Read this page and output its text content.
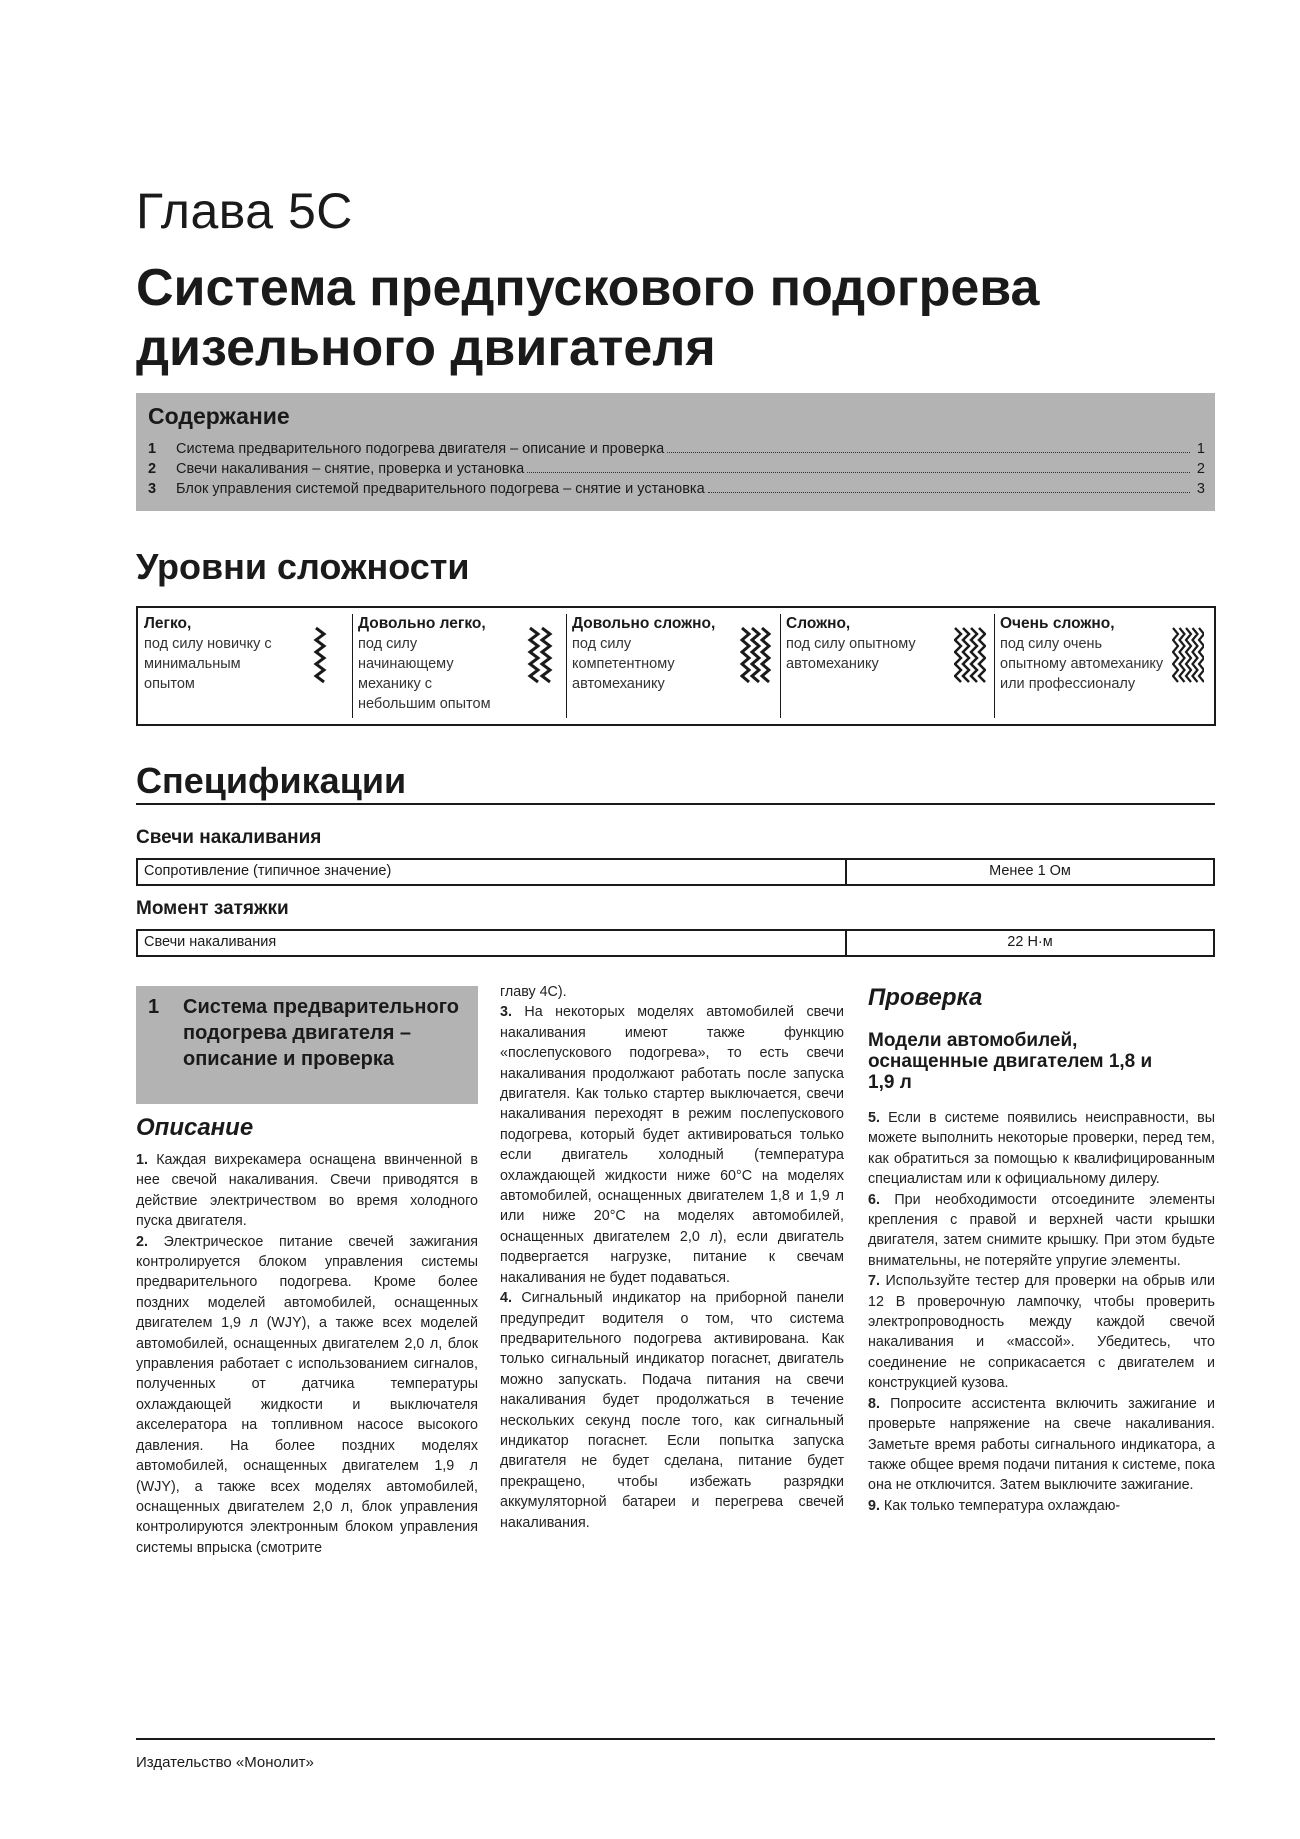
Глава 5С
Система предпускового подогрева
дизельного двигателя
Содержание
1	Система предварительного подогрева двигателя – описание и проверка	1
2	Свечи накаливания – снятие, проверка и установка	2
3	Блок управления системой предварительного подогрева – снятие и установка	3
Уровни сложности
Легко,
под силу новичку с минимальным опытом
Довольно легко,
под силу начинающему механику с небольшим опытом
Довольно сложно,
под силу компетентному автомеханику
Сложно,
под силу опытному автомеханику
Очень сложно,
под силу очень опытному автомеханику или профессионалу
Спецификации
Свечи накаливания
Сопротивление (типичное значение)	Менее 1 Ом
Момент затяжки
Свечи накаливания	22 Н·м
1 Система предварительного подогрева двигателя – описание и проверка
Описание

1. Каждая вихрекамера оснащена ввинченной в нее свечой накаливания. Свечи приводятся в действие электричеством во время холодного пуска двигателя.

2. Электрическое питание свечей зажигания контролируется блоком управления системы предварительного подогрева. Кроме более поздних моделей автомобилей, оснащенных двигателем 1,9 л (WJY), а также всех моделей автомобилей, оснащенных двигателем 2,0 л, блок управления работает с использованием сигналов, полученных от датчика температуры охлаждающей жидкости и выключателя акселератора на топливном насосе высокого давления. На более поздних моделях автомобилей, оснащенных двигателем 1,9 л (WJY), а также всех моделях автомобилей, оснащенных двигателем 2,0 л, блок управления контролируются электронным блоком управления системы впрыска (смотрите

главу 4С).

3. На некоторых моделях автомобилей свечи накаливания имеют также функцию «послепускового подогрева», то есть свечи накаливания продолжают работать после запуска двигателя. Как только стартер выключается, свечи накаливания переходят в режим послепускового подогрева, который будет активироваться только если двигатель холодный (температура охлаждающей жидкости ниже 60°С на моделях автомобилей, оснащенных двигателем 1,8 и 1,9 л или ниже 20°С на моделях автомобилей, оснащенных двигателем 2,0 л), если двигатель подвергается нагрузке, питание к свечам накаливания не будет подаваться.

4. Сигнальный индикатор на приборной панели предупредит водителя о том, что система предварительного подогрева активирована. Как только сигнальный индикатор погаснет, двигатель можно запускать. Подача питания на свечи накаливания будет продолжаться в течение нескольких секунд после того, как сигнальный индикатор погаснет. Если попытка запуска двигателя не будет сделана, питание будет прекращено, чтобы избежать разрядки аккумуляторной батареи и перегрева свечей накаливания.

Проверка
Модели автомобилей, оснащенные двигателем 1,8 и 1,9 л

5. Если в системе появились неисправности, вы можете выполнить некоторые проверки, перед тем, как обратиться за помощью к квалифицированным специалистам или к официальному дилеру.

6. При необходимости отсоедините элементы крепления с правой и верхней части крышки двигателя, затем снимите крышку. При этом будьте внимательны, не потеряйте упругие элементы.

7. Используйте тестер для проверки на обрыв или 12 В проверочную лампочку, чтобы проверить электропроводность между каждой свечой накаливания и «массой». Убедитесь, что соединение не соприкасается с двигателем и конструкцией кузова.

8. Попросите ассистента включить зажигание и проверьте напряжение на свече накаливания. Заметьте время работы сигнального индикатора, а также общее время подачи питания к системе, пока она не отключится. Затем выключите зажигание.

9. Как только температура охлаждаю-

Издательство «Монолит»
